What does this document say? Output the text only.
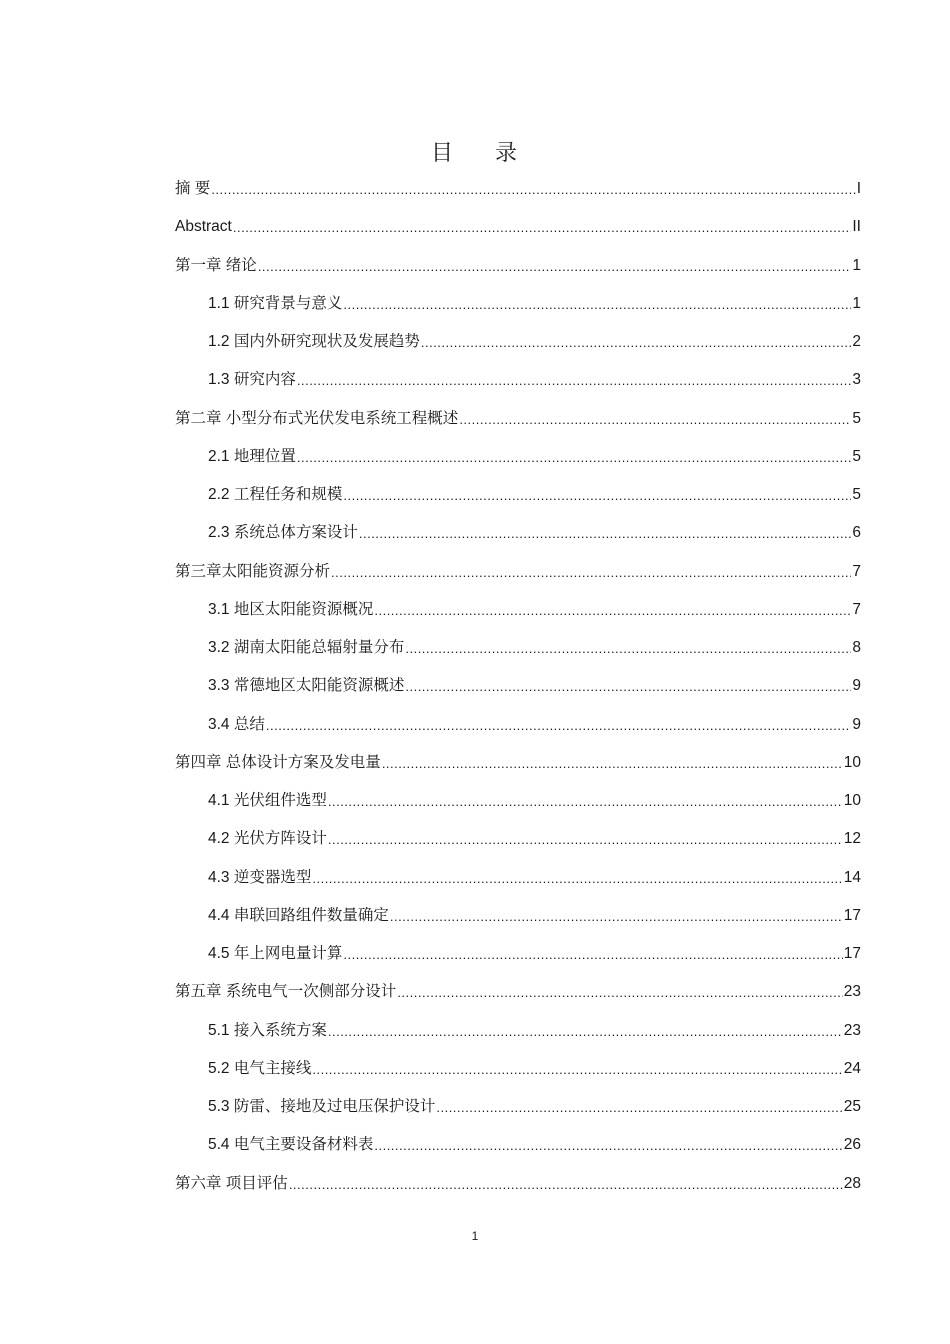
目 录
摘 要 .....	I
Abstract .....	II
第一章 绪论 .....	1
1.1 研究背景与意义 .....	1
1.2 国内外研究现状及发展趋势 .....	2
1.3 研究内容 .....	3
第二章 小型分布式光伏发电系统工程概述 .....	5
2.1 地理位置 .....	5
2.2 工程任务和规模 .....	5
2.3 系统总体方案设计 .....	6
第三章太阳能资源分析 .....	7
3.1 地区太阳能资源概况 .....	7
3.2 湖南太阳能总辐射量分布 .....	8
3.3 常德地区太阳能资源概述 .....	9
3.4 总结 .....	9
第四章 总体设计方案及发电量 .....	10
4.1 光伏组件选型 .....	10
4.2 光伏方阵设计 .....	12
4.3 逆变器选型 .....	14
4.4 串联回路组件数量确定 .....	17
4.5 年上网电量计算 .....	17
第五章 系统电气一次侧部分设计 .....	23
5.1 接入系统方案 .....	23
5.2 电气主接线 .....	24
5.3 防雷、接地及过电压保护设计 .....	25
5.4 电气主要设备材料表 .....	26
第六章 项目评估 .....	28
1
